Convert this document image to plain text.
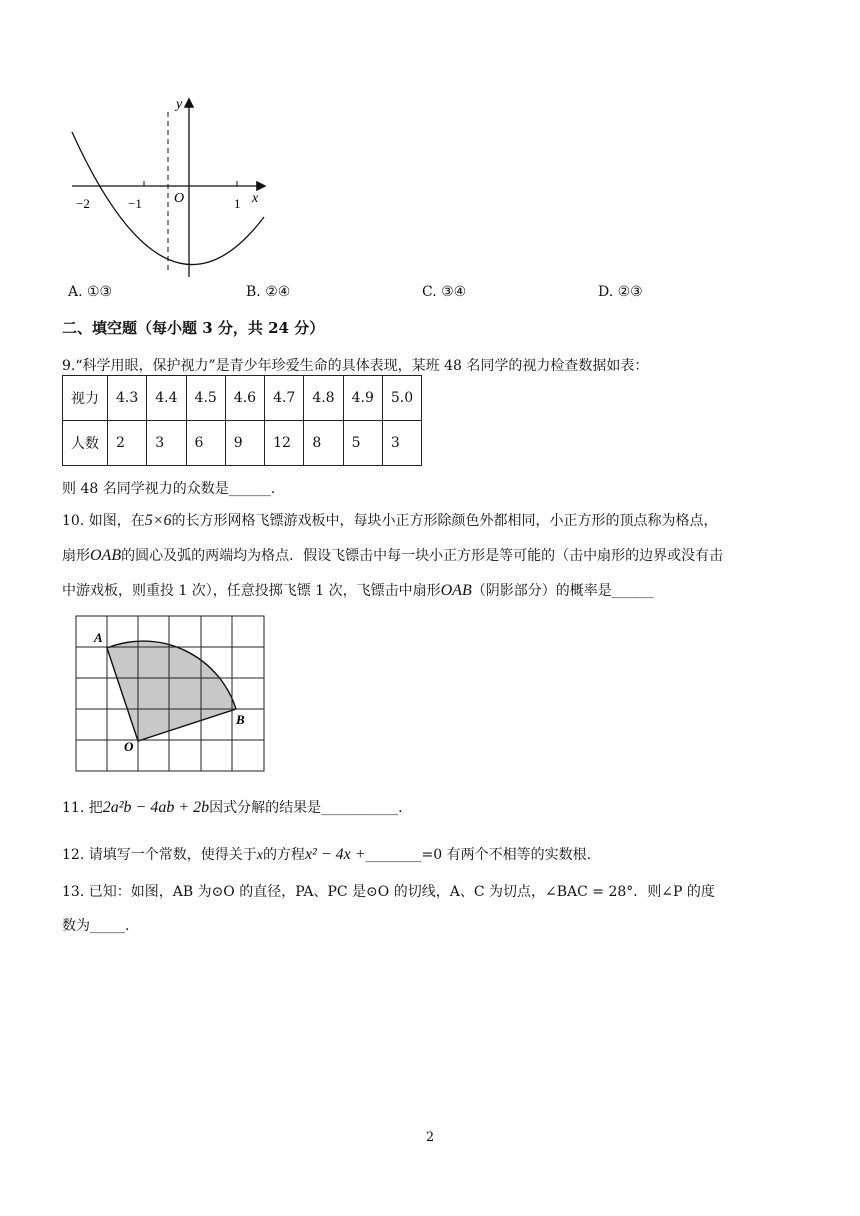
y
x
O
−2	−1	1
A. ①③	B. ②④	C. ③④	D. ②③
二、填空题（每小题 3 分，共 24 分）
9.“科学用眼，保护视力”是青少年珍爱生命的具体表现，某班 48 名同学的视力检查数据如表：
视力	4.3	4.4	4.5	4.6	4.7	4.8	4.9	5.0
人数	2	3	6	9	12	8	5	3
则 48 名同学视力的众数是______.
10. 如图，在5×6的长方形网格飞镖游戏板中，每块小正方形除颜色外都相同，小正方形的顶点称为格点，
扇形OAB的圆心及弧的两端均为格点．假设飞镖击中每一块小正方形是等可能的（击中扇形的边界或没有击
中游戏板，则重投 1 次），任意投掷飞镖 1 次，飞镖击中扇形OAB（阴影部分）的概率是______
A
B
O
11. 把2a²b − 4ab + 2b因式分解的结果是___________.
12. 请填写一个常数，使得关于x的方程x² − 4x +________=0 有两个不相等的实数根.
13. 已知：如图，AB 为⊙O 的直径，PA、PC 是⊙O 的切线，A、C 为切点，∠BAC = 28°．则∠P 的度
数为_____.
2
